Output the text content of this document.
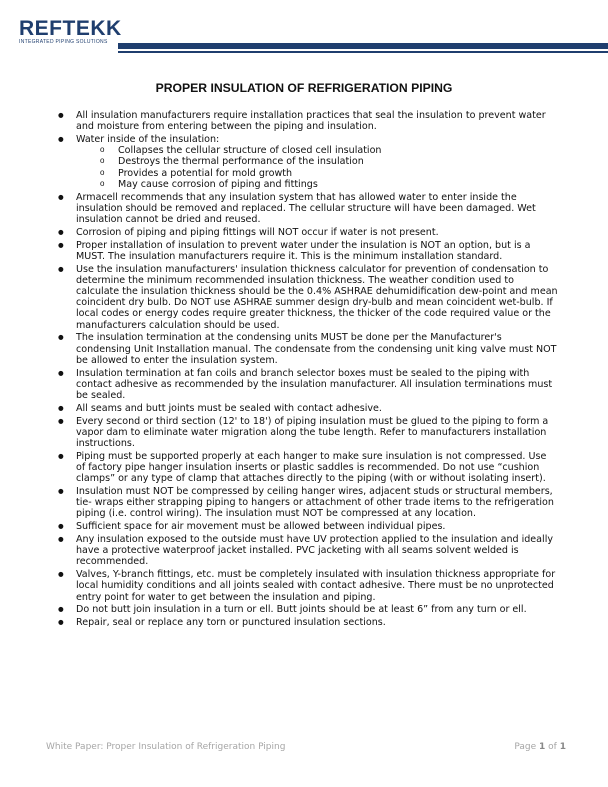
REFTEKK
INTEGRATED PIPING SOLUTIONS
PROPER INSULATION OF REFRIGERATION PIPING
● All insulation manufacturers require installation practices that seal the insulation to prevent water and moisture from entering between the piping and insulation.
● Water inside of the insulation:
o Collapses the cellular structure of closed cell insulation
o Destroys the thermal performance of the insulation
o Provides a potential for mold growth
o May cause corrosion of piping and fittings
● Armacell recommends that any insulation system that has allowed water to enter inside the insulation should be removed and replaced. The cellular structure will have been damaged. Wet insulation cannot be dried and reused.
● Corrosion of piping and piping fittings will NOT occur if water is not present.
● Proper installation of insulation to prevent water under the insulation is NOT an option, but is a MUST. The insulation manufacturers require it. This is the minimum installation standard.
● Use the insulation manufacturers' insulation thickness calculator for prevention of condensation to determine the minimum recommended insulation thickness. The weather condition used to calculate the insulation thickness should be the 0.4% ASHRAE dehumidification dew-point and mean coincident dry bulb. Do NOT use ASHRAE summer design dry-bulb and mean coincident wet-bulb. If local codes or energy codes require greater thickness, the thicker of the code required value or the manufacturers calculation should be used.
● The insulation termination at the condensing units MUST be done per the Manufacturer's condensing Unit Installation manual. The condensate from the condensing unit king valve must NOT be allowed to enter the insulation system.
● Insulation termination at fan coils and branch selector boxes must be sealed to the piping with contact adhesive as recommended by the insulation manufacturer. All insulation terminations must be sealed.
● All seams and butt joints must be sealed with contact adhesive.
● Every second or third section (12' to 18') of piping insulation must be glued to the piping to form a vapor dam to eliminate water migration along the tube length. Refer to manufacturers installation instructions.
● Piping must be supported properly at each hanger to make sure insulation is not compressed. Use of factory pipe hanger insulation inserts or plastic saddles is recommended. Do not use “cushion clamps” or any type of clamp that attaches directly to the piping (with or without isolating insert).
● Insulation must NOT be compressed by ceiling hanger wires, adjacent studs or structural members, tie- wraps either strapping piping to hangers or attachment of other trade items to the refrigeration piping (i.e. control wiring). The insulation must NOT be compressed at any location.
● Sufficient space for air movement must be allowed between individual pipes.
● Any insulation exposed to the outside must have UV protection applied to the insulation and ideally have a protective waterproof jacket installed. PVC jacketing with all seams solvent welded is recommended.
● Valves, Y-branch fittings, etc. must be completely insulated with insulation thickness appropriate for local humidity conditions and all joints sealed with contact adhesive. There must be no unprotected entry point for water to get between the insulation and piping.
● Do not butt join insulation in a turn or ell. Butt joints should be at least 6” from any turn or ell.
● Repair, seal or replace any torn or punctured insulation sections.
White Paper: Proper Insulation of Refrigeration Piping	Page 1 of 1
